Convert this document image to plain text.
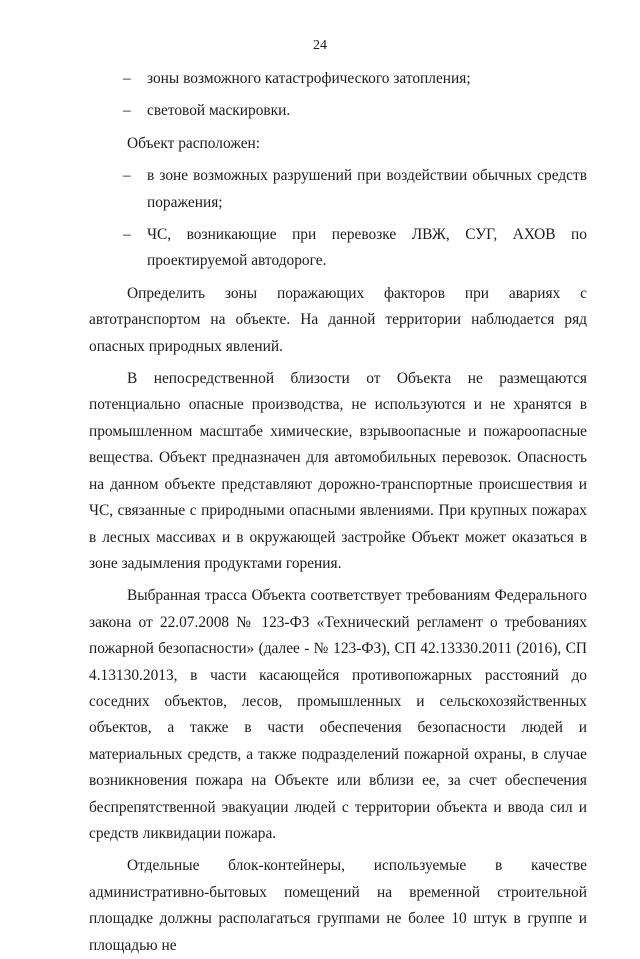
24
– зоны возможного катастрофического затопления;
– световой маскировки.

Объект расположен:

– в зоне возможных разрушений при воздействии обычных средств поражения;
– ЧС, возникающие при перевозке ЛВЖ, СУГ, АХОВ по проектируемой автодороге.

Определить зоны поражающих факторов при авариях с автотранспортом на объекте. На данной территории наблюдается ряд опасных природных явлений.

В непосредственной близости от Объекта не размещаются потенциально опасные производства, не используются и не хранятся в промышленном масштабе химические, взрывоопасные и пожароопасные вещества. Объект предназначен для автомобильных перевозок. Опасность на данном объекте представляют дорожно-транспортные происшествия и ЧС, связанные с природными опасными явлениями. При крупных пожарах в лесных массивах и в окружающей застройке Объект может оказаться в зоне задымления продуктами горения.

Выбранная трасса Объекта соответствует требованиям Федерального закона от 22.07.2008 № 123-ФЗ «Технический регламент о требованиях пожарной безопасности» (далее - № 123-ФЗ), СП 42.13330.2011 (2016), СП 4.13130.2013, в части касающейся противопожарных расстояний до соседних объектов, лесов, промышленных и сельскохозяйственных объектов, а также в части обеспечения безопасности людей и материальных средств, а также подразделений пожарной охраны, в случае возникновения пожара на Объекте или вблизи ее, за счет обеспечения беспрепятственной эвакуации людей с территории объекта и ввода сил и средств ликвидации пожара.

Отдельные блок-контейнеры, используемые в качестве административно-бытовых помещений на временной строительной площадке должны располагаться группами не более 10 штук в группе и площадью не
